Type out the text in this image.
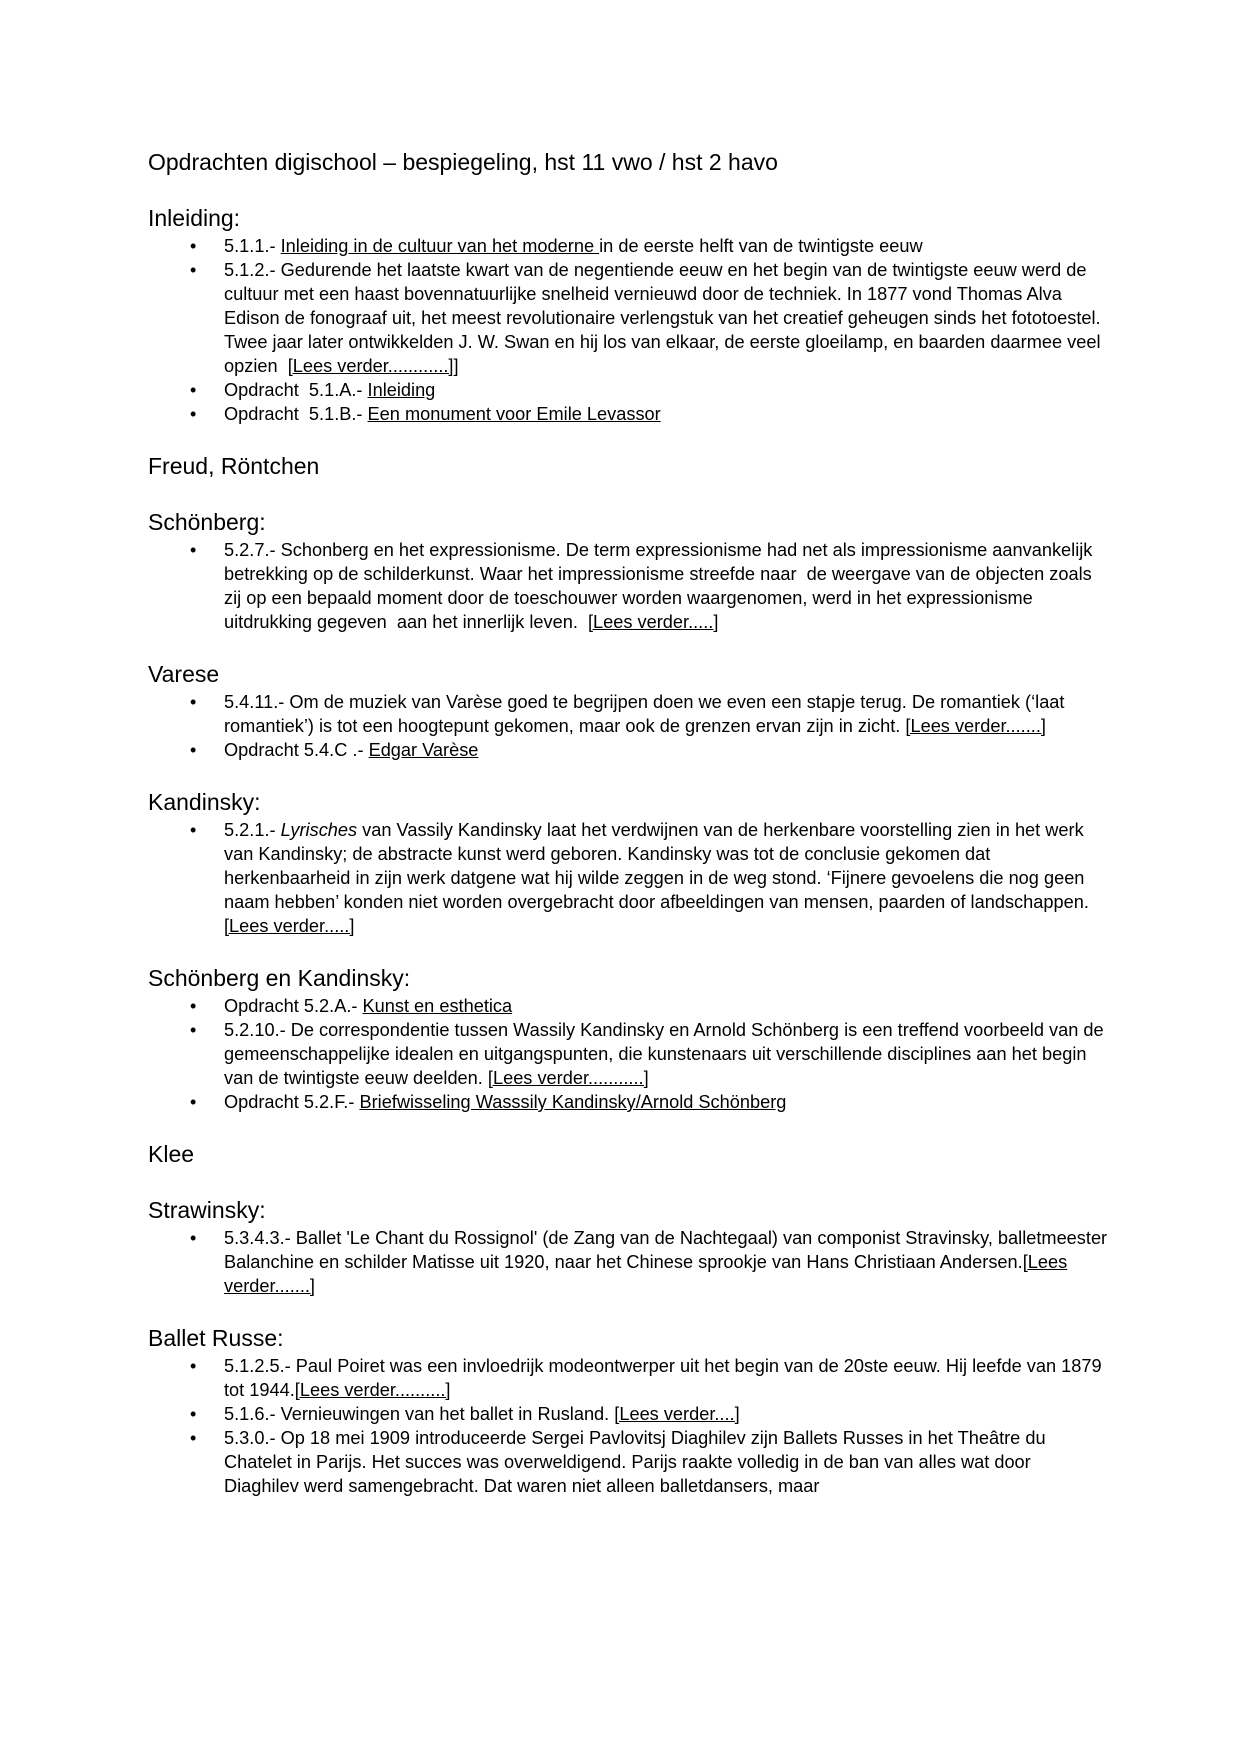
Opdrachten digischool – bespiegeling, hst 11 vwo / hst 2 havo
Inleiding:
• 5.1.1.- Inleiding in de cultuur van het moderne in de eerste helft van de twintigste eeuw
• 5.1.2.- Gedurende het laatste kwart van de negentiende eeuw en het begin van de twintigste eeuw werd de cultuur met een haast bovennatuurlijke snelheid vernieuwd door de techniek. In 1877 vond Thomas Alva Edison de fonograaf uit, het meest revolutionaire verlengstuk van het creatief geheugen sinds het fototoestel. Twee jaar later ontwikkelden J. W. Swan en hij los van elkaar, de eerste gloeilamp, en baarden daarmee veel opzien  [Lees verder............]]
• Opdracht  5.1.A.- Inleiding
• Opdracht  5.1.B.- Een monument voor Emile Levassor
Freud, Röntchen
Schönberg:
• 5.2.7.- Schonberg en het expressionisme. De term expressionisme had net als impressionisme aanvankelijk betrekking op de schilderkunst. Waar het impressionisme streefde naar  de weergave van de objecten zoals zij op een bepaald moment door de toeschouwer worden waargenomen, werd in het expressionisme uitdrukking gegeven  aan het innerlijk leven.  [Lees verder.....]
Varese
• 5.4.11.- Om de muziek van Varèse goed te begrijpen doen we even een stapje terug. De romantiek (‘laat romantiek’) is tot een hoogtepunt gekomen, maar ook de grenzen ervan zijn in zicht. [Lees verder.......]
• Opdracht 5.4.C .- Edgar Varèse
Kandinsky:
• 5.2.1.- Lyrisches van Vassily Kandinsky laat het verdwijnen van de herkenbare voorstelling zien in het werk van Kandinsky; de abstracte kunst werd geboren. Kandinsky was tot de conclusie gekomen dat herkenbaarheid in zijn werk datgene wat hij wilde zeggen in de weg stond. ‘Fijnere gevoelens die nog geen naam hebben’ konden niet worden overgebracht door afbeeldingen van mensen, paarden of landschappen. [Lees verder.....]
Schönberg en Kandinsky:
• Opdracht 5.2.A.- Kunst en esthetica
• 5.2.10.- De correspondentie tussen Wassily Kandinsky en Arnold Schönberg is een treffend voorbeeld van de gemeenschappelijke idealen en uitgangspunten, die kunstenaars uit verschillende disciplines aan het begin van de twintigste eeuw deelden. [Lees verder...........]
• Opdracht 5.2.F.- Briefwisseling Wasssily Kandinsky/Arnold Schönberg
Klee
Strawinsky:
• 5.3.4.3.- Ballet 'Le Chant du Rossignol' (de Zang van de Nachtegaal) van componist Stravinsky, balletmeester Balanchine en schilder Matisse uit 1920, naar het Chinese sprookje van Hans Christiaan Andersen.[Lees verder.......]
Ballet Russe:
• 5.1.2.5.- Paul Poiret was een invloedrijk modeontwerper uit het begin van de 20ste eeuw. Hij leefde van 1879 tot 1944.[Lees verder..........]
• 5.1.6.- Vernieuwingen van het ballet in Rusland. [Lees verder....]
• 5.3.0.- Op 18 mei 1909 introduceerde Sergei Pavlovitsj Diaghilev zijn Ballets Russes in het Theâtre du Chatelet in Parijs. Het succes was overweldigend. Parijs raakte volledig in de ban van alles wat door Diaghilev werd samengebracht. Dat waren niet alleen balletdansers, maar
